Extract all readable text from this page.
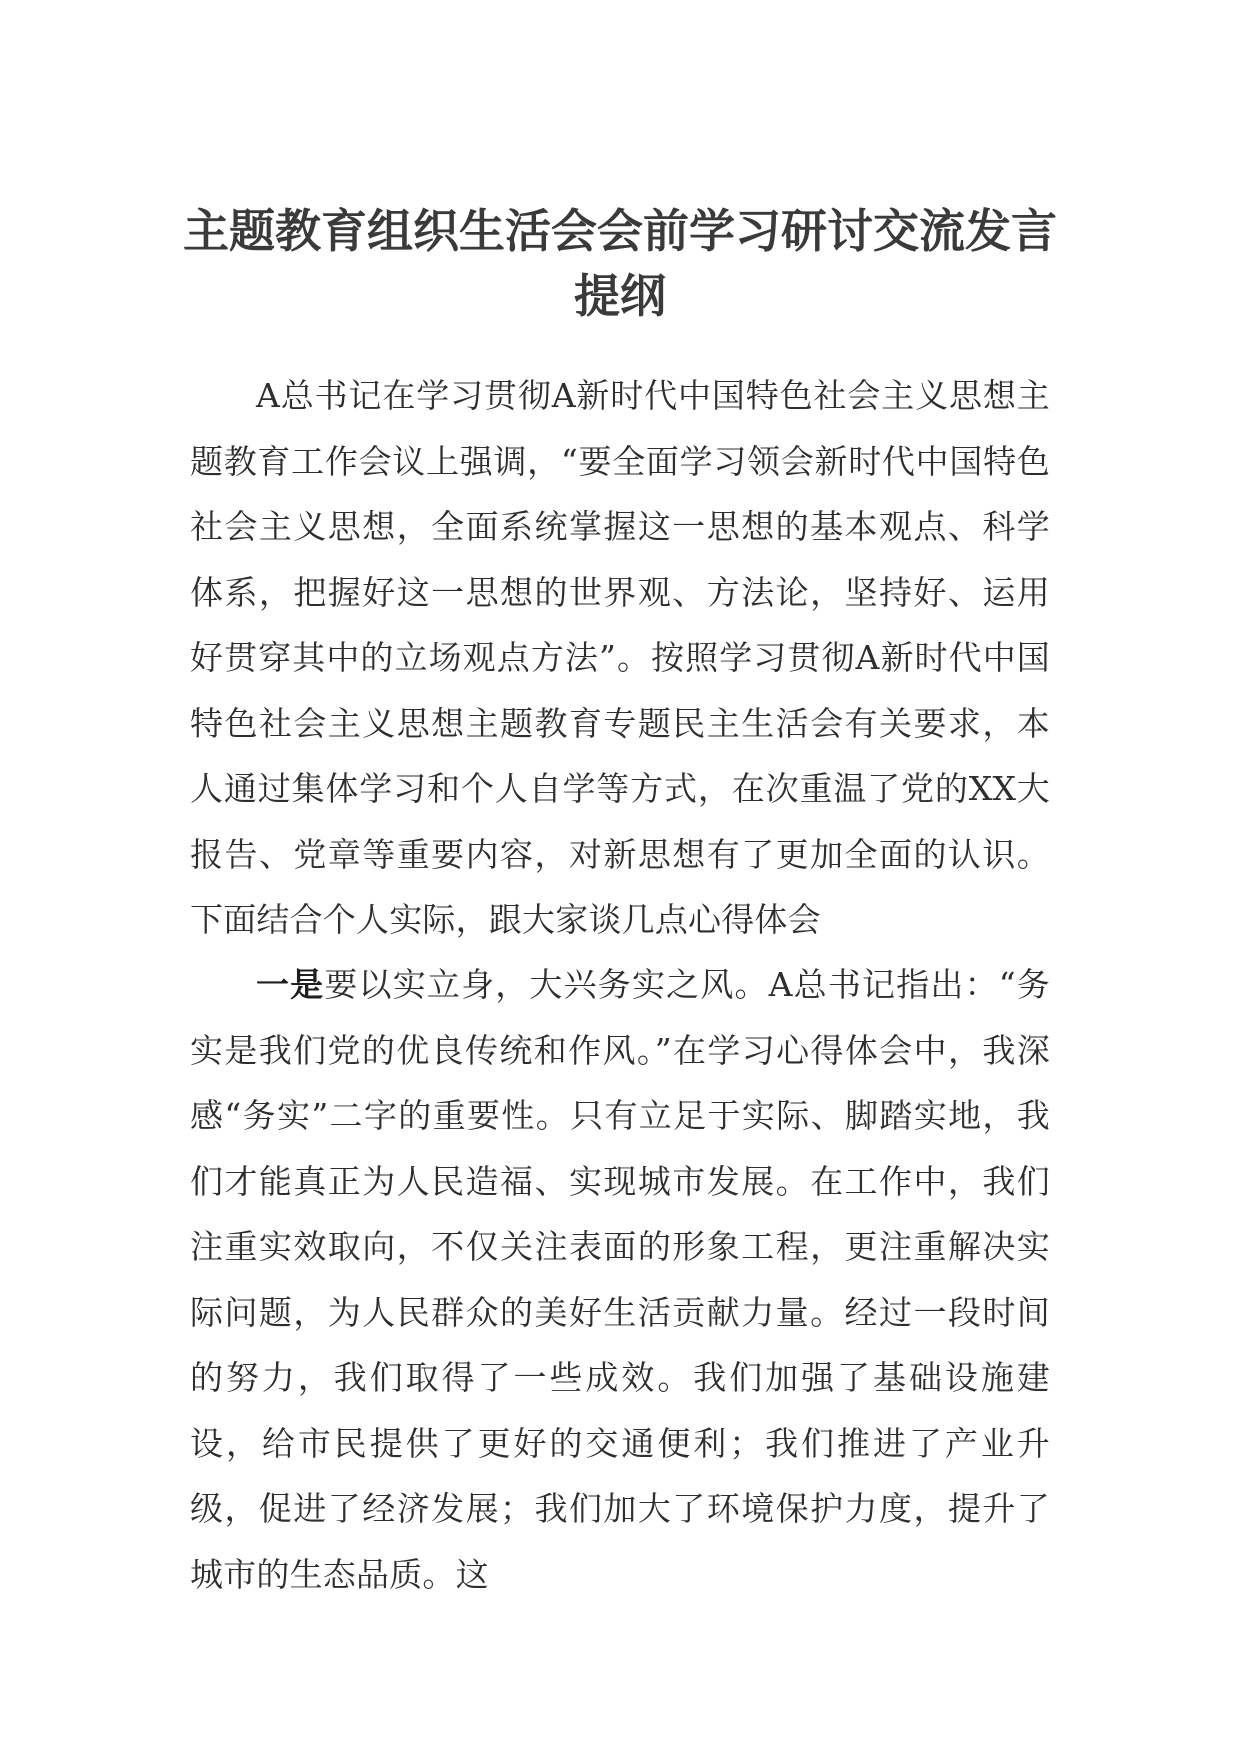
主题教育组织生活会会前学习研讨交流发言
提纲

A总书记在学习贯彻A新时代中国特色社会主义思想主题教育工作会议上强调，“要全面学习领会新时代中国特色社会主义思想，全面系统掌握这一思想的基本观点、科学体系，把握好这一思想的世界观、方法论，坚持好、运用好贯穿其中的立场观点方法”。按照学习贯彻A新时代中国特色社会主义思想主题教育专题民主生活会有关要求，本人通过集体学习和个人自学等方式，在次重温了党的XX大报告、党章等重要内容，对新思想有了更加全面的认识。下面结合个人实际，跟大家谈几点心得体会

一是要以实立身，大兴务实之风。A总书记指出：“务实是我们党的优良传统和作风。”在学习心得体会中，我深感“务实”二字的重要性。只有立足于实际、脚踏实地，我们才能真正为人民造福、实现城市发展。在工作中，我们注重实效取向，不仅关注表面的形象工程，更注重解决实际问题，为人民群众的美好生活贡献力量。经过一段时间的努力，我们取得了一些成效。我们加强了基础设施建设，给市民提供了更好的交通便利；我们推进了产业升级，促进了经济发展；我们加大了环境保护力度，提升了城市的生态品质。这
